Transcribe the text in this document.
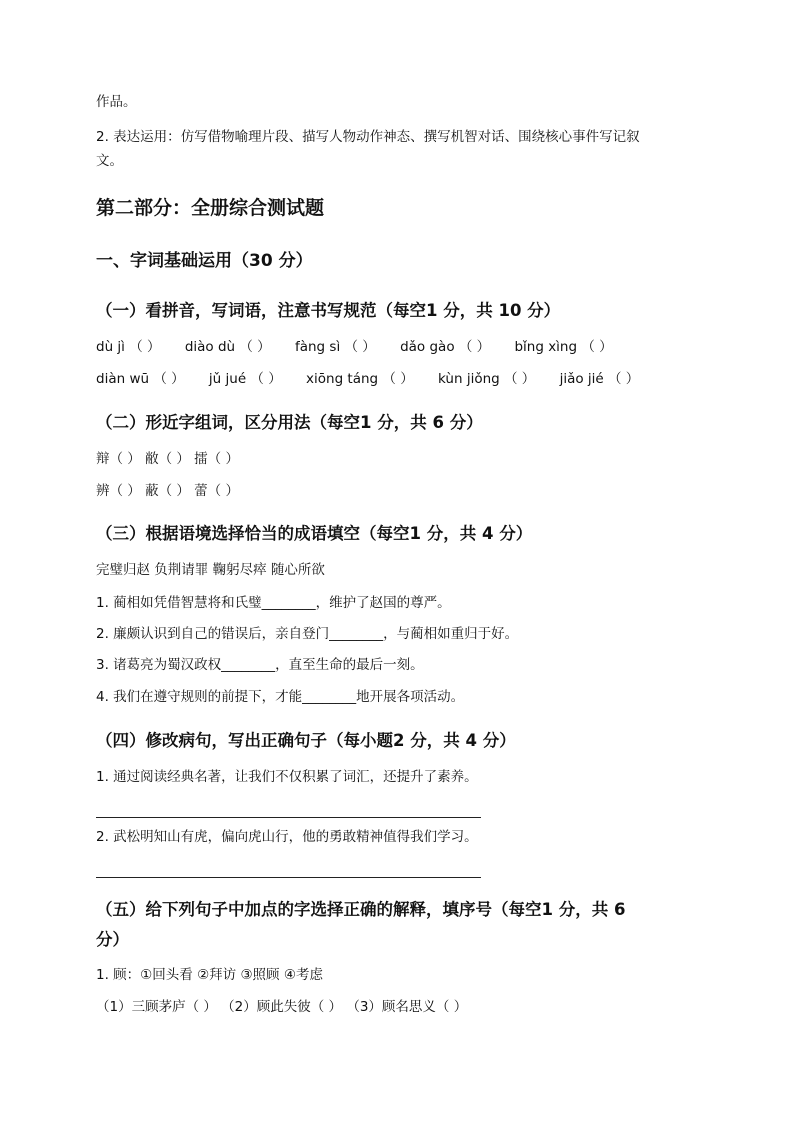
作品。
2. 表达运用：仿写借物喻理片段、描写人物动作神态、撰写机智对话、围绕核心事件写记叙
文。
第二部分：全册综合测试题
一、字词基础运用（30 分）
（一）看拼音，写词语，注意书写规范（每空1 分，共 10 分）
dù jì （ ） diào dù （ ） fàng sì （ ） dǎo gào （ ） bǐng xìng （ ）
diàn wū （ ） jǔ jué （ ） xiōng táng （ ） kùn jiǒng （ ） jiǎo jié （ ）
（二）形近字组词，区分用法（每空1 分，共 6 分）
辩（ ） 敝（ ） 擂（ ）
辨（ ） 蔽（ ） 蕾（ ）
（三）根据语境选择恰当的成语填空（每空1 分，共 4 分）
完璧归赵 负荆请罪 鞠躬尽瘁 随心所欲
1. 蔺相如凭借智慧将和氏璧________，维护了赵国的尊严。
2. 廉颇认识到自己的错误后，亲自登门________，与蔺相如重归于好。
3. 诸葛亮为蜀汉政权________，直至生命的最后一刻。
4. 我们在遵守规则的前提下，才能________地开展各项活动。
（四）修改病句，写出正确句子（每小题2 分，共 4 分）
1. 通过阅读经典名著，让我们不仅积累了词汇，还提升了素养。
2. 武松明知山有虎，偏向虎山行，他的勇敢精神值得我们学习。
（五）给下列句子中加点的字选择正确的解释，填序号（每空1 分，共 6
分）
1. 顾：①回头看 ②拜访 ③照顾 ④考虑
（1）三顾茅庐（ ） （2）顾此失彼（ ） （3）顾名思义（ ）
